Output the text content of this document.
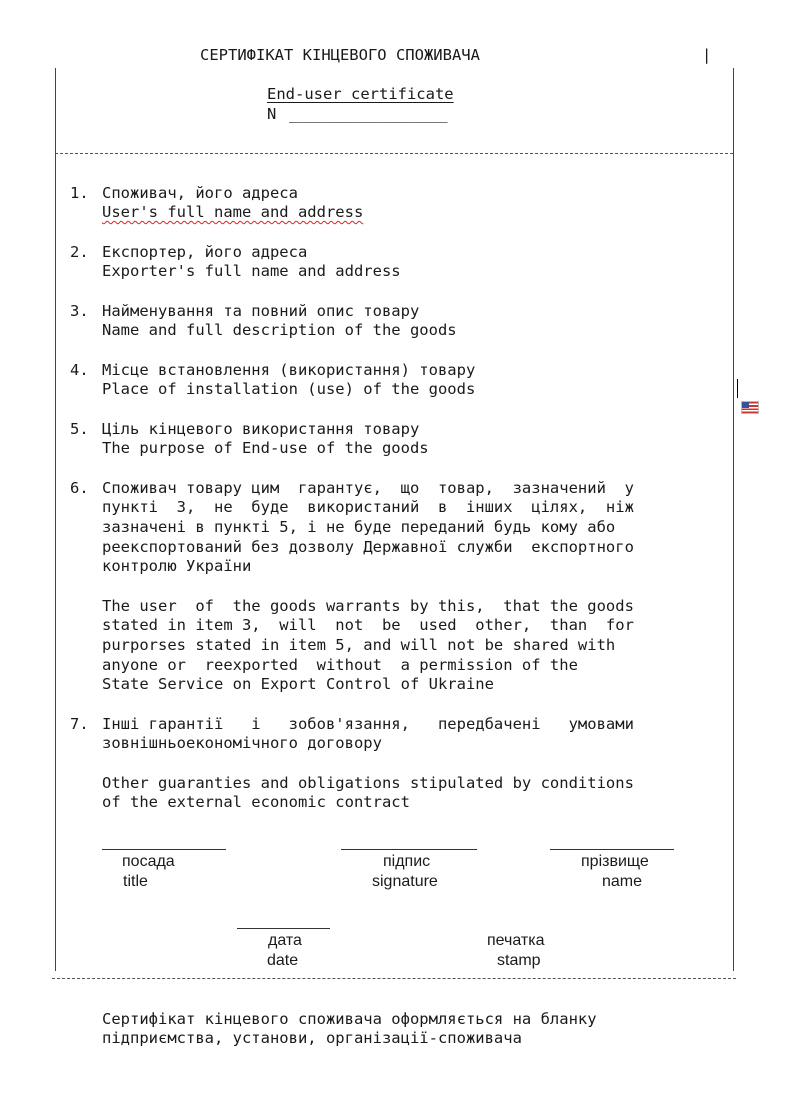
|
СЕРТИФІКАТ КІНЦЕВОГО СПОЖИВАЧА
End-user certificate
N _________________
1. Споживач, його адреса
User's full name and address
2. Експортер, його адреса
Exporter's full name and address
3. Найменування та повний опис товару
Name and full description of the goods
4. Місце встановлення (використання) товару
Place of installation (use) of the goods
5. Ціль кінцевого використання товару
The purpose of End-use of the goods
6. Споживач товару цим  гарантує,  що  товар,  зазначений  у
пункті  3,  не  буде  використаний  в  інших  цілях,  ніж
зазначені в пункті 5, і не буде переданий будь кому або
реекспортований без дозволу Державної служби  експортного
контролю України
The user  of  the goods warrants by this,  that the goods
stated in item 3,  will  not  be  used  other,  than  for
purporses stated in item 5, and will not be shared with
anyone or  reexported  without  a permission of the
State Service on Export Control of Ukraine
7. Інші гарантії   і   зобов'язання,   передбачені   умовами
зовнішньоекономічного договору
Other guaranties and obligations stipulated by conditions
of the external economic contract
посада
title
підпис
signature
прізвище
name
дата
date
печатка
stamp
Сертифікат кінцевого споживача оформляється на бланку
підприємства, установи, організації-споживача
